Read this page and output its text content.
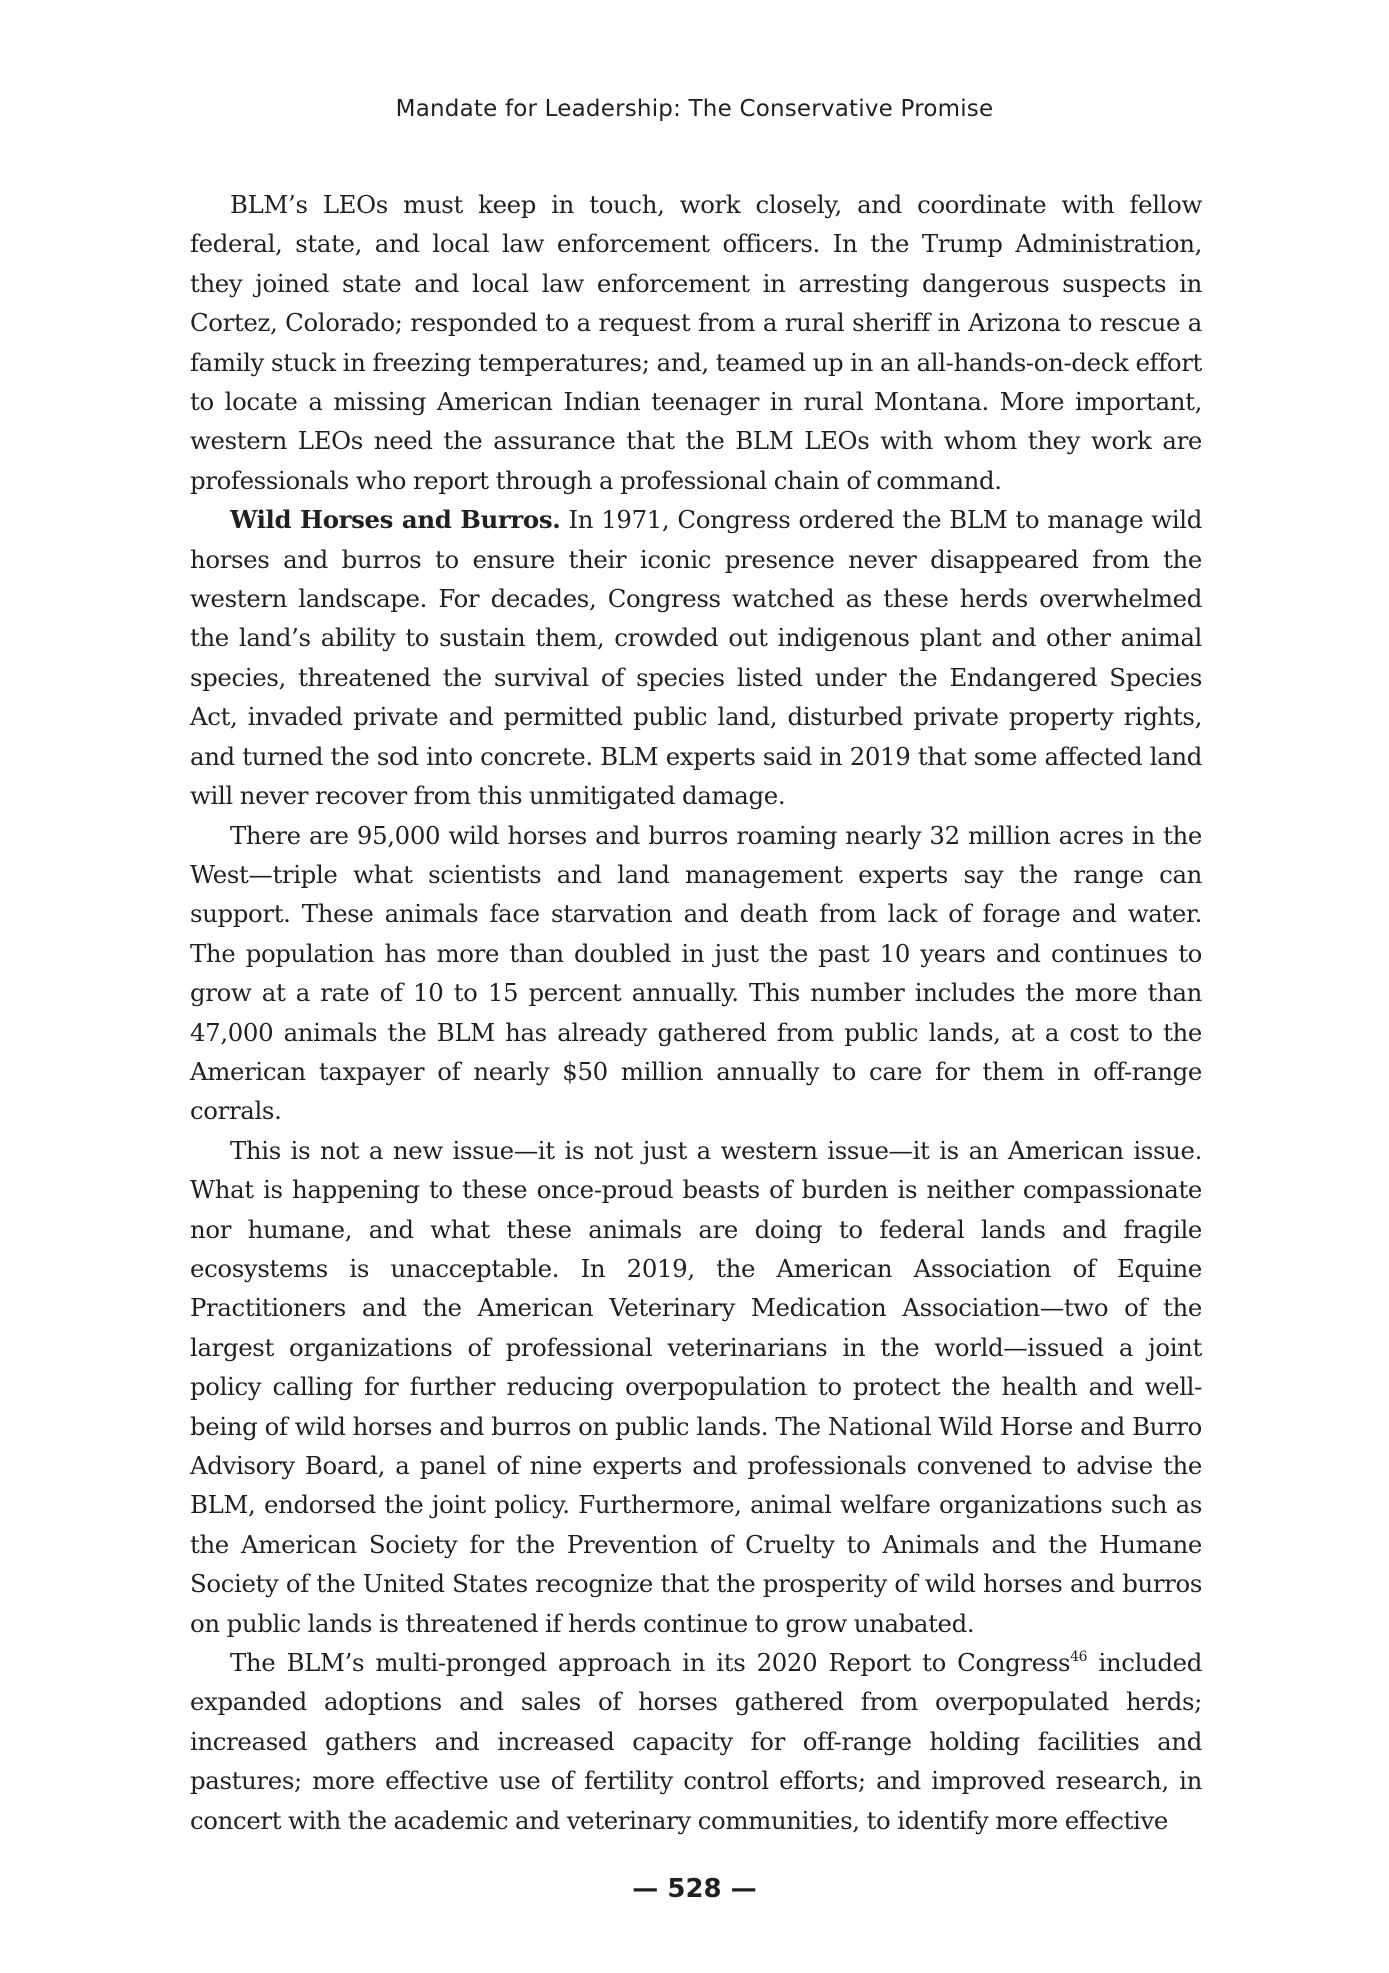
Mandate for Leadership: The Conservative Promise

BLM’s LEOs must keep in touch, work closely, and coordinate with fellow federal, state, and local law enforcement officers. In the Trump Administration, they joined state and local law enforcement in arresting dangerous suspects in Cortez, Colorado; responded to a request from a rural sheriff in Arizona to rescue a family stuck in freezing temperatures; and, teamed up in an all-hands-on-deck effort to locate a missing American Indian teenager in rural Montana. More important, western LEOs need the assurance that the BLM LEOs with whom they work are professionals who report through a professional chain of command.

Wild Horses and Burros. In 1971, Congress ordered the BLM to manage wild horses and burros to ensure their iconic presence never disappeared from the western landscape. For decades, Congress watched as these herds overwhelmed the land’s ability to sustain them, crowded out indigenous plant and other animal species, threatened the survival of species listed under the Endangered Species Act, invaded private and permitted public land, disturbed private property rights, and turned the sod into concrete. BLM experts said in 2019 that some affected land will never recover from this unmitigated damage.

There are 95,000 wild horses and burros roaming nearly 32 million acres in the West—triple what scientists and land management experts say the range can support. These animals face starvation and death from lack of forage and water. The population has more than doubled in just the past 10 years and continues to grow at a rate of 10 to 15 percent annually. This number includes the more than 47,000 animals the BLM has already gathered from public lands, at a cost to the American taxpayer of nearly $50 million annually to care for them in off-range corrals.

This is not a new issue—it is not just a western issue—it is an American issue. What is happening to these once-proud beasts of burden is neither compassionate nor humane, and what these animals are doing to federal lands and fragile ecosystems is unacceptable. In 2019, the American Association of Equine Practitioners and the American Veterinary Medication Association—two of the largest organizations of professional veterinarians in the world—issued a joint policy calling for further reducing overpopulation to protect the health and well-being of wild horses and burros on public lands. The National Wild Horse and Burro Advisory Board, a panel of nine experts and professionals convened to advise the BLM, endorsed the joint policy. Furthermore, animal welfare organizations such as the American Society for the Prevention of Cruelty to Animals and the Humane Society of the United States recognize that the prosperity of wild horses and burros on public lands is threatened if herds continue to grow unabated.

The BLM’s multi-pronged approach in its 2020 Report to Congress$^{46}$ included expanded adoptions and sales of horses gathered from overpopulated herds; increased gathers and increased capacity for off-range holding facilities and pastures; more effective use of fertility control efforts; and improved research, in concert with the academic and veterinary communities, to identify more effective

— 528 —
